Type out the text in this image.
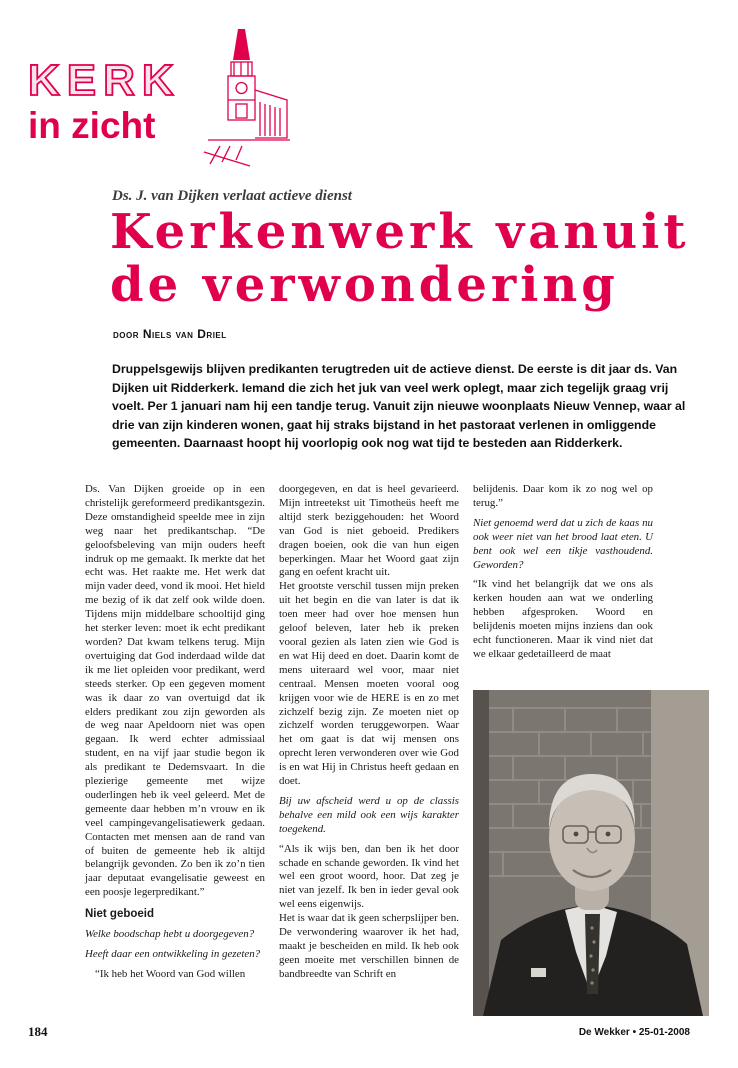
KERK
in zicht
Ds. J. van Dijken verlaat actieve dienst
Kerkenwerk vanuit
de verwondering
door Niels van Driel

Druppelsgewijs blijven predikanten terugtreden uit de actieve dienst. De eerste is dit jaar ds. Van Dijken uit Ridderkerk. Iemand die zich het juk van veel werk oplegt, maar zich tegelijk graag vrij voelt. Per 1 januari nam hij een tandje terug. Vanuit zijn nieuwe woonplaats Nieuw Vennep, waar al drie van zijn kinderen wonen, gaat hij straks bijstand in het pastoraat verlenen in omliggende gemeenten. Daarnaast hoopt hij voorlopig ook nog wat tijd te besteden aan Ridderkerk.

Ds. Van Dijken groeide op in een christelijk gereformeerd predikantsgezin. Deze omstandigheid speelde mee in zijn weg naar het predikantschap. “De geloofsbeleving van mijn ouders heeft indruk op me gemaakt. Ik merkte dat het echt was. Het raakte me. Het werk dat mijn vader deed, vond ik mooi. Het hield me bezig of ik dat zelf ook wilde doen. Tijdens mijn middelbare schooltijd ging het sterker leven: moet ik echt predikant worden? Dat kwam telkens terug. Mijn overtuiging dat God inderdaad wilde dat ik me liet opleiden voor predikant, werd steeds sterker. Op een gegeven moment was ik daar zo van overtuigd dat ik elders predikant zou zijn geworden als de weg naar Apeldoorn niet was open gegaan. Ik werd echter admissiaal student, en na vijf jaar studie begon ik als predikant te Dedemsvaart. In die plezierige gemeente met wijze ouderlingen heb ik veel geleerd. Met de gemeente daar hebben m’n vrouw en ik veel campingevangelisatiewerk gedaan. Contacten met mensen aan de rand van of buiten de gemeente heb ik altijd belangrijk gevonden. Zo ben ik zo’n tien jaar deputaat evangelisatie geweest en een poosje legerpredikant.”

Niet geboeid

Welke boodschap hebt u doorgegeven?

Heeft daar een ontwikkeling in gezeten?

“Ik heb het Woord van God willen

doorgegeven, en dat is heel gevarieerd. Mijn intreetekst uit Timotheüs heeft me altijd sterk beziggehouden: het Woord van God is niet geboeid. Predikers dragen boeien, ook die van hun eigen beperkingen. Maar het Woord gaat zijn gang en oefent kracht uit.

Het grootste verschil tussen mijn preken uit het begin en die van later is dat ik toen meer had over hoe mensen hun geloof beleven, later heb ik preken vooral gezien als laten zien wie God is en wat Hij deed en doet. Daarin komt de mens uiteraard wel voor, maar niet centraal. Mensen moeten vooral oog krijgen voor wie de HERE is en zo met zichzelf bezig zijn. Ze moeten niet op zichzelf worden teruggeworpen. Waar het om gaat is dat wij mensen ons oprecht leren verwonderen over wie God is en wat Hij in Christus heeft gedaan en doet.

Bij uw afscheid werd u op de classis behalve een mild ook een wijs karakter toegekend.

“Als ik wijs ben, dan ben ik het door schade en schande geworden. Ik vind het wel een groot woord, hoor. Dat zeg je niet van jezelf. Ik ben in ieder geval ook wel eens eigenwijs.

Het is waar dat ik geen scherpslijper ben. De verwondering waarover ik het had, maakt je bescheiden en mild. Ik heb ook geen moeite met verschillen binnen de bandbreedte van Schrift en

belijdenis. Daar kom ik zo nog wel op terug.”

Niet genoemd werd dat u zich de kaas nu ook weer niet van het brood laat eten. U bent ook wel een tikje vasthoudend. Geworden?

“Ik vind het belangrijk dat we ons als kerken houden aan wat we onderling hebben afgesproken. Woord en belijdenis moeten mijns inziens dan ook echt functioneren. Maar ik vind niet dat we elkaar gedetailleerd de maat

184	De Wekker • 25-01-2008
